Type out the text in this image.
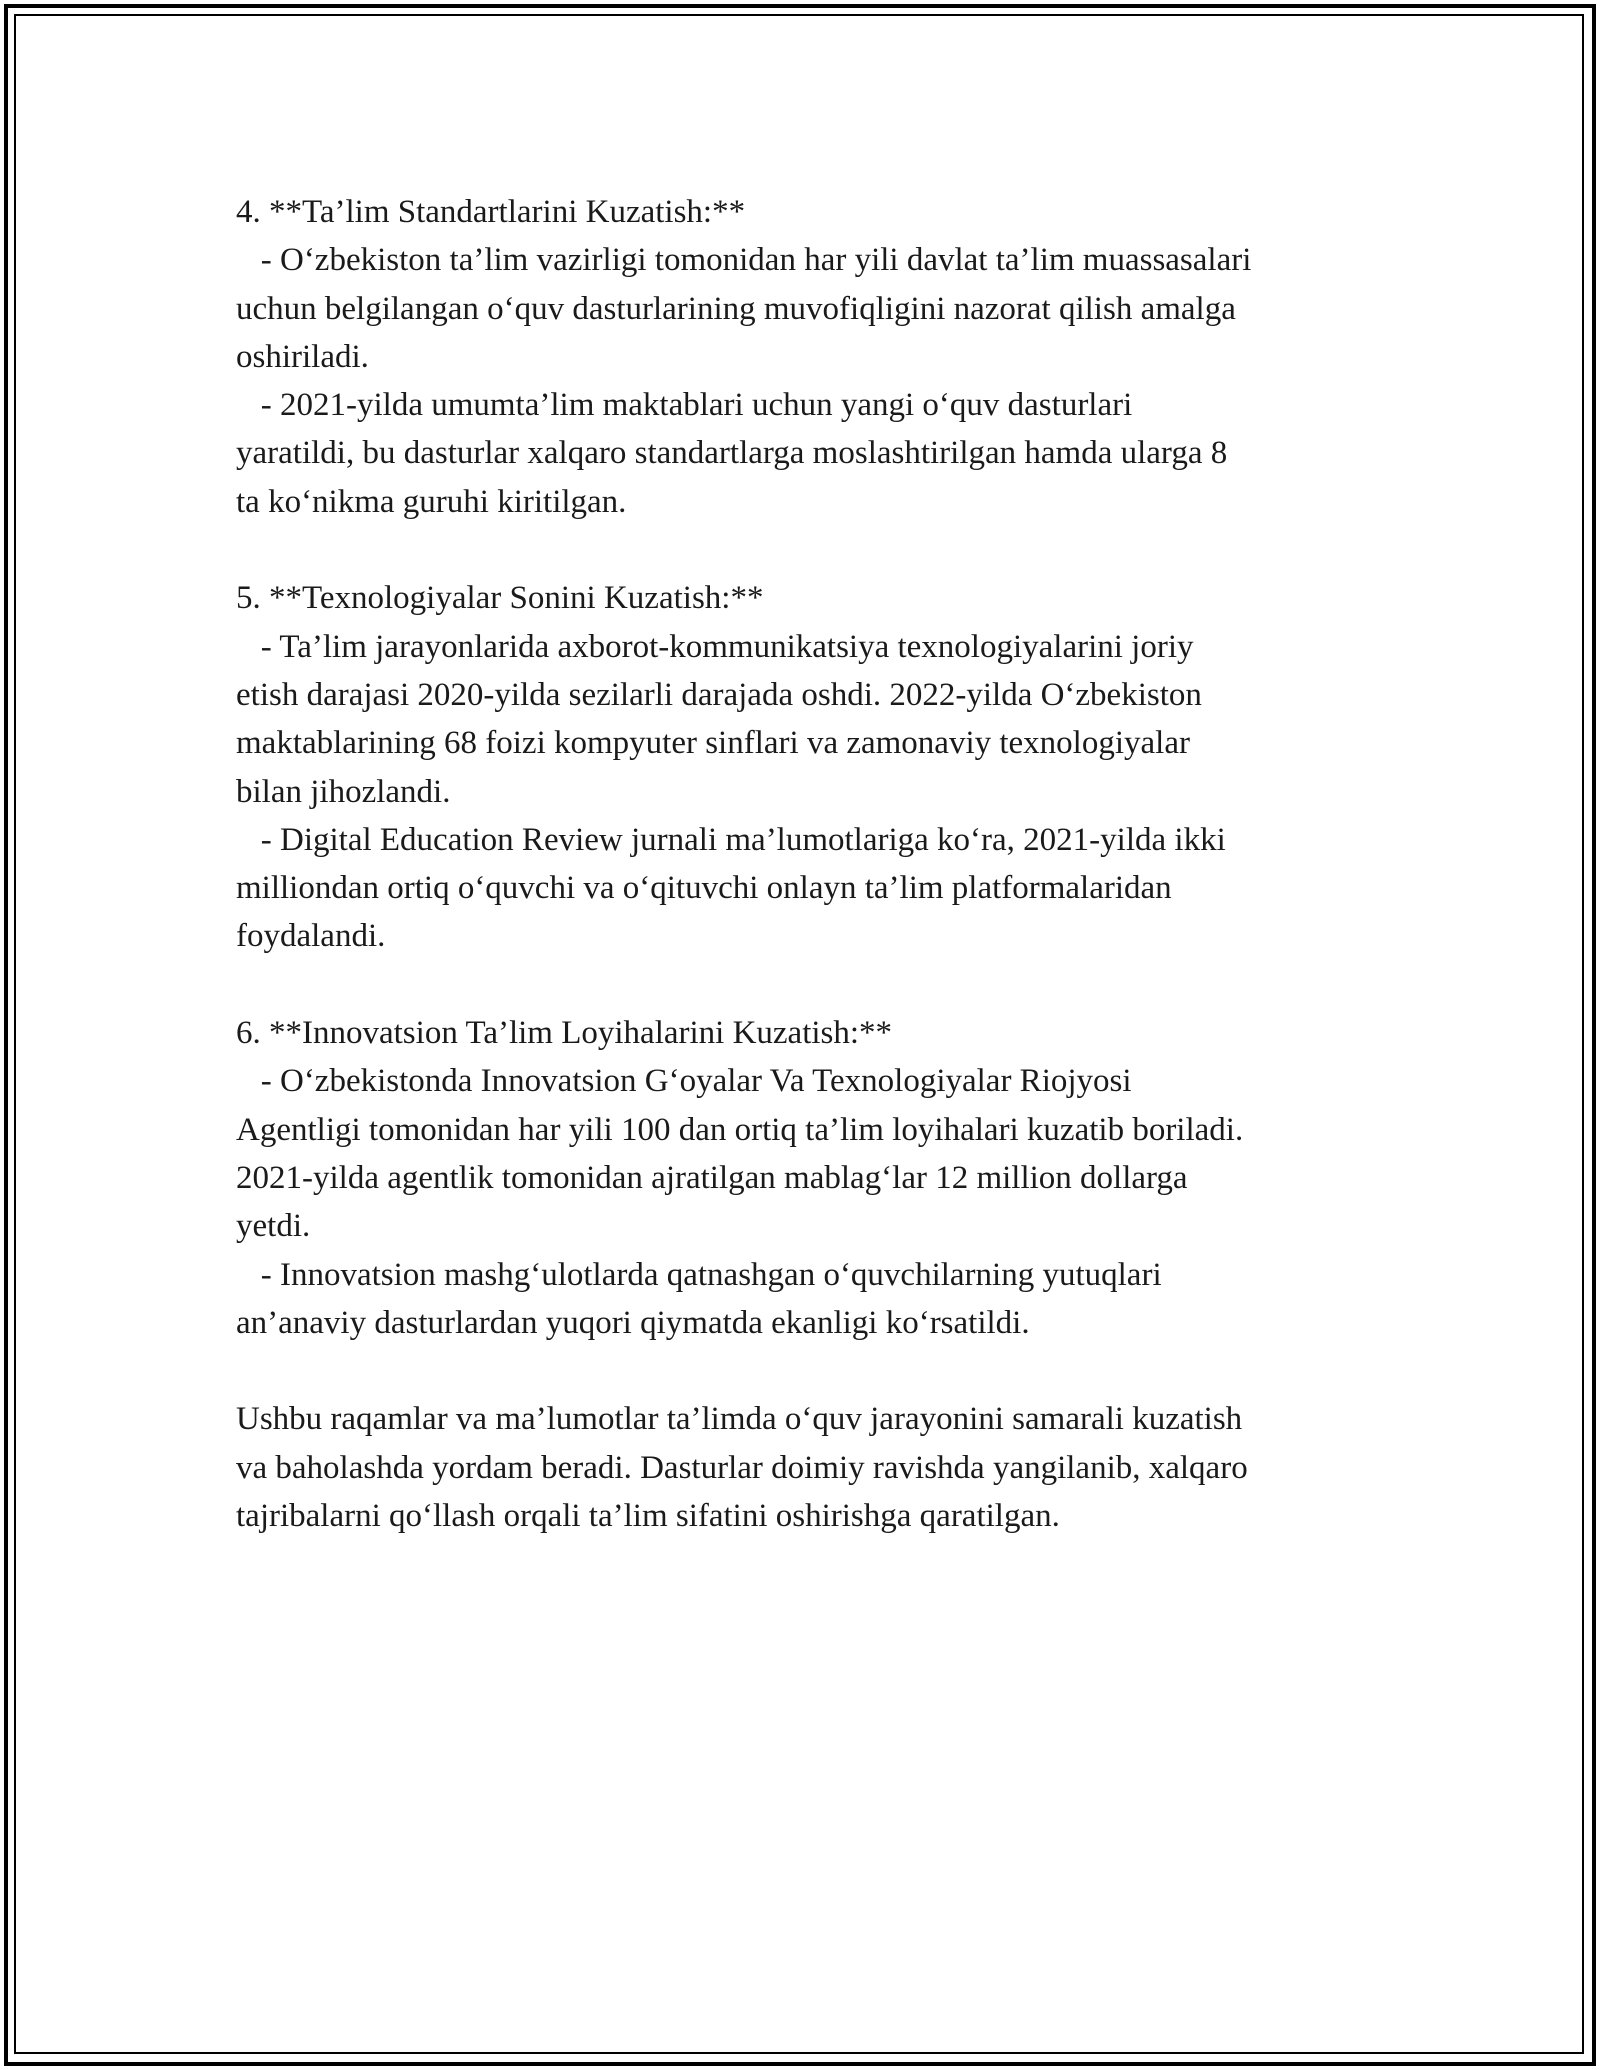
4. **Ta’lim Standartlarini Kuzatish:**

- O‘zbekiston ta’lim vazirligi tomonidan har yili davlat ta’lim muassasalari

uchun belgilangan o‘quv dasturlarining muvofiqligini nazorat qilish amalga

oshiriladi.

- 2021-yilda umumta’lim maktablari uchun yangi o‘quv dasturlari

yaratildi, bu dasturlar xalqaro standartlarga moslashtirilgan hamda ularga 8

ta ko‘nikma guruhi kiritilgan.

5. **Texnologiyalar Sonini Kuzatish:**

- Ta’lim jarayonlarida axborot-kommunikatsiya texnologiyalarini joriy

etish darajasi 2020-yilda sezilarli darajada oshdi. 2022-yilda O‘zbekiston

maktablarining 68 foizi kompyuter sinflari va zamonaviy texnologiyalar

bilan jihozlandi.

- Digital Education Review jurnali ma’lumotlariga ko‘ra, 2021-yilda ikki

milliondan ortiq o‘quvchi va o‘qituvchi onlayn ta’lim platformalaridan

foydalandi.

6. **Innovatsion Ta’lim Loyihalarini Kuzatish:**

- O‘zbekistonda Innovatsion G‘oyalar Va Texnologiyalar Riojyosi

Agentligi tomonidan har yili 100 dan ortiq ta’lim loyihalari kuzatib boriladi.

2021-yilda agentlik tomonidan ajratilgan mablag‘lar 12 million dollarga

yetdi.

- Innovatsion mashg‘ulotlarda qatnashgan o‘quvchilarning yutuqlari

an’anaviy dasturlardan yuqori qiymatda ekanligi ko‘rsatildi.

Ushbu raqamlar va ma’lumotlar ta’limda o‘quv jarayonini samarali kuzatish

va baholashda yordam beradi. Dasturlar doimiy ravishda yangilanib, xalqaro

tajribalarni qo‘llash orqali ta’lim sifatini oshirishga qaratilgan.
